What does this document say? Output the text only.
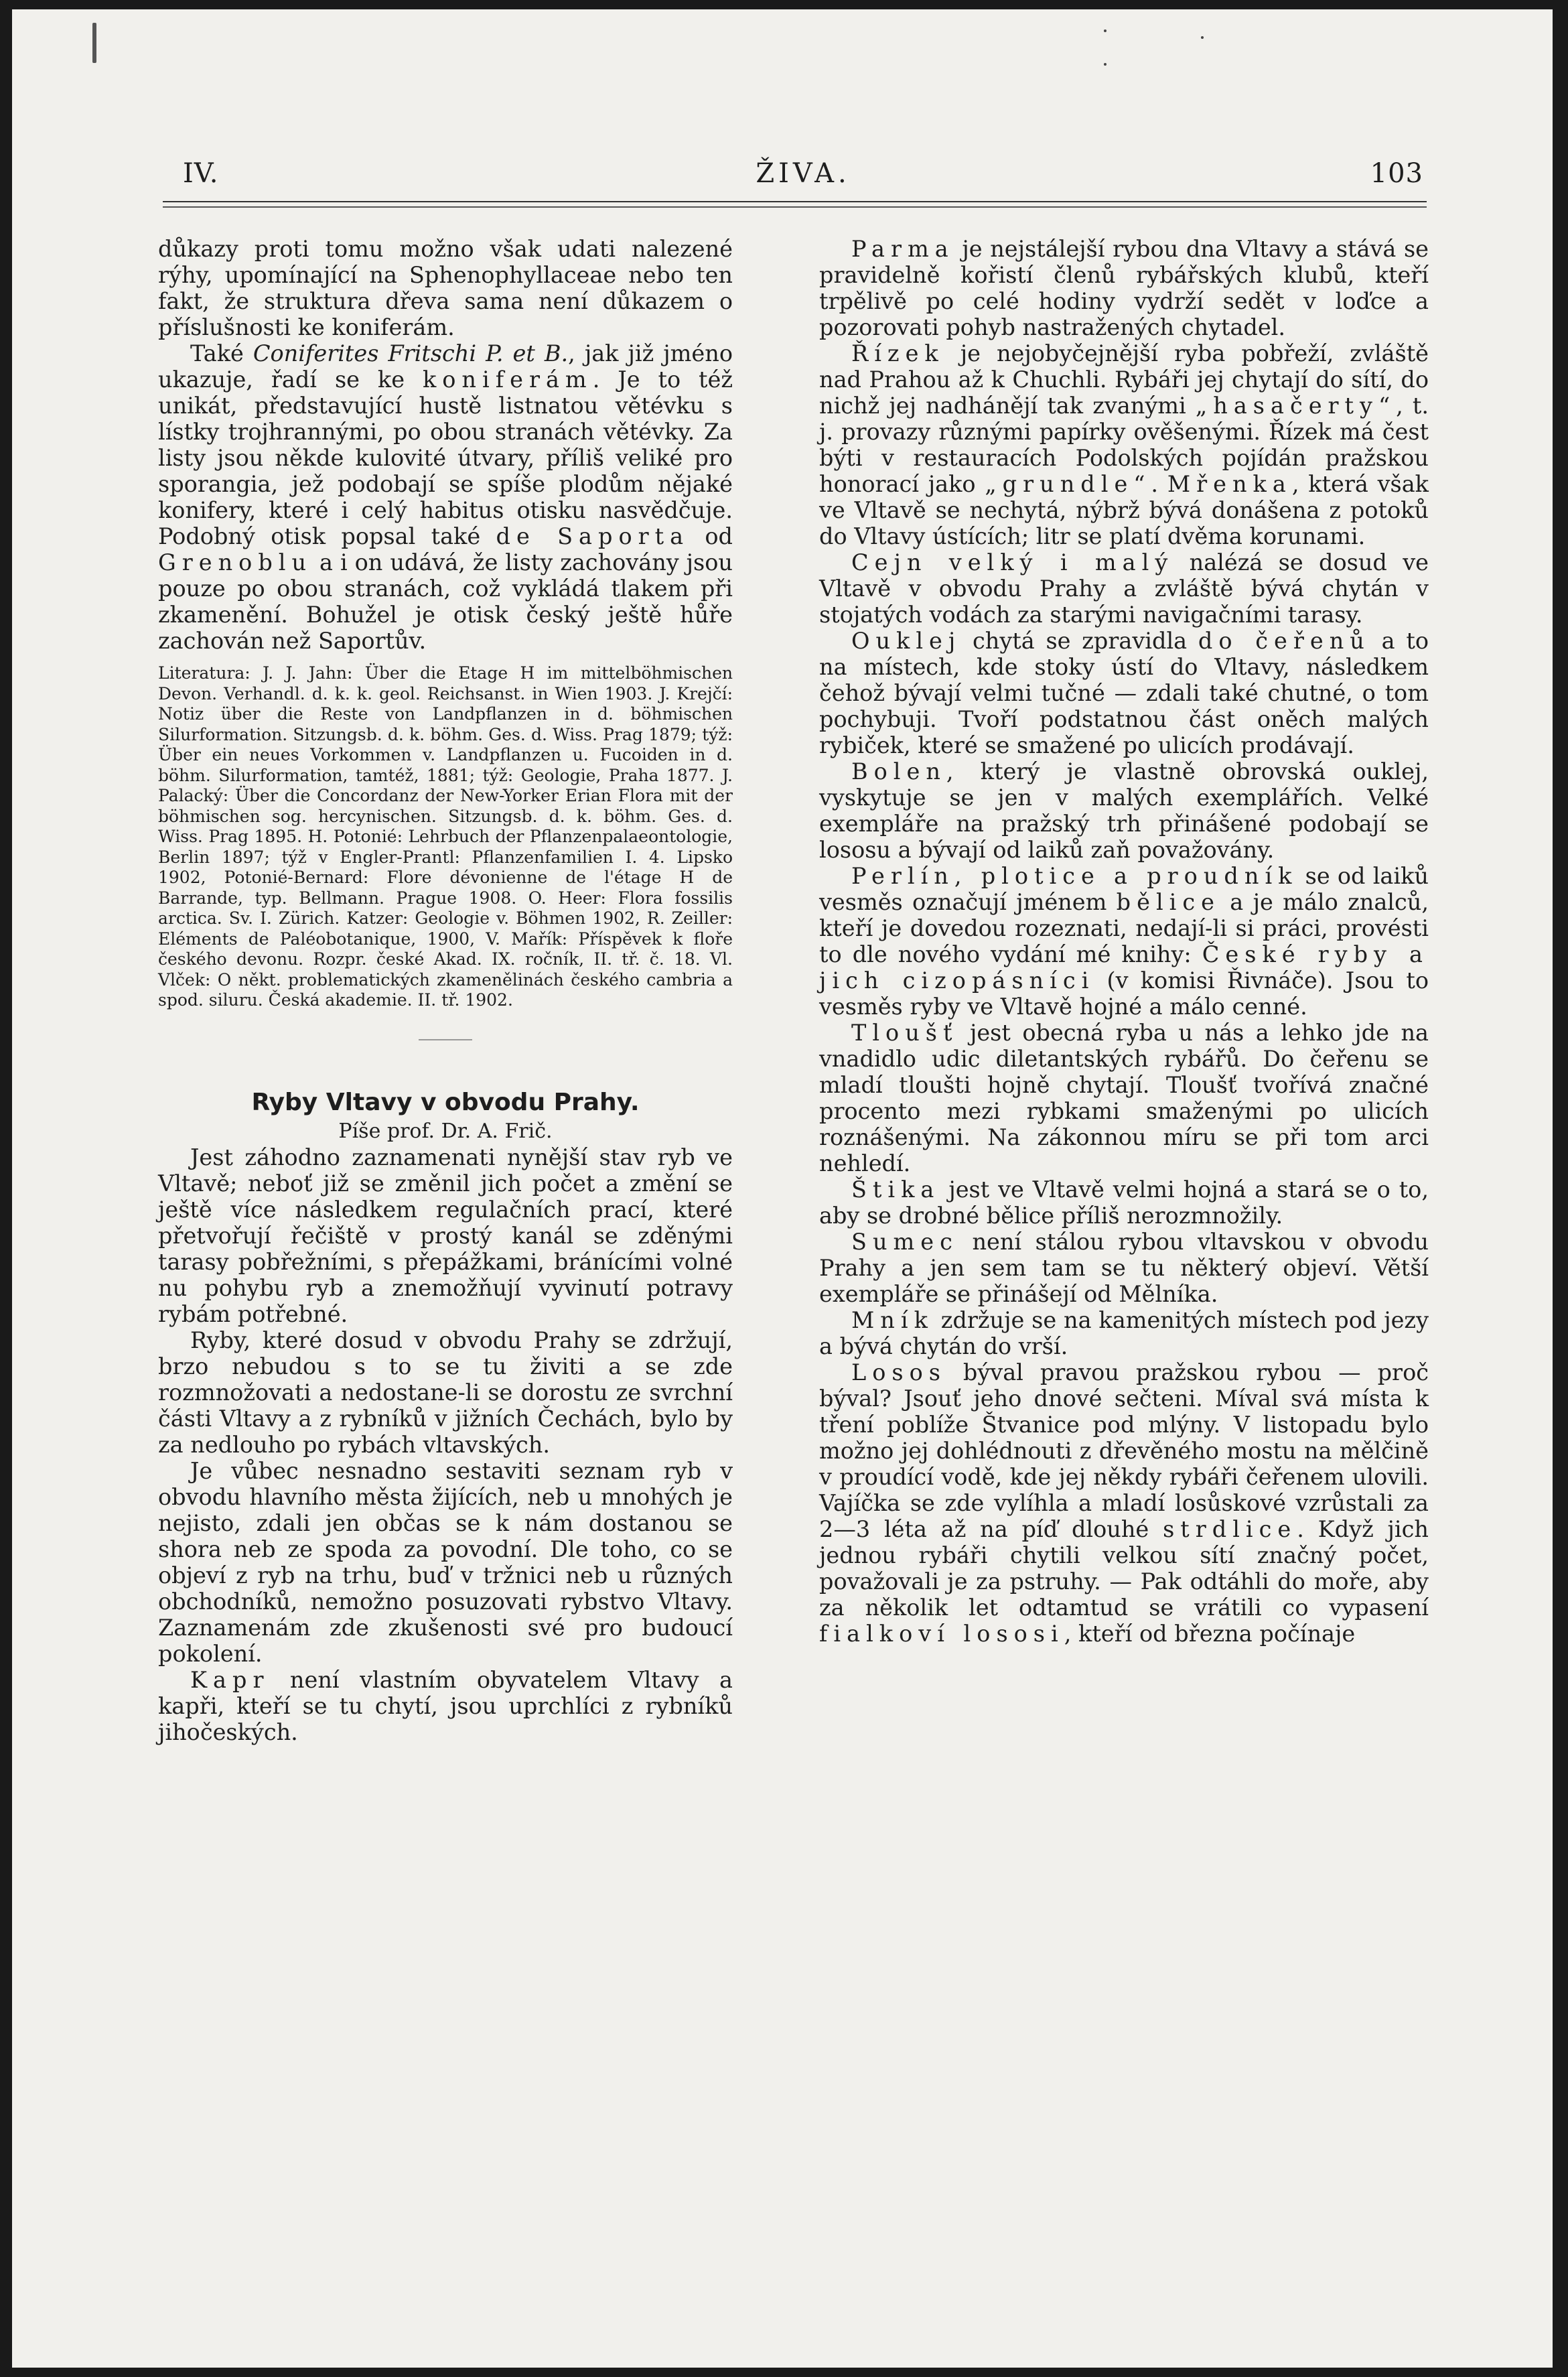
IV.	ŽIVA.	103

důkazy proti tomu možno však udati nalezené rýhy, upomínající na Sphenophyllaceae nebo ten fakt, že struktura dřeva sama není důkazem o příslušnosti ke koniferám.

Také Coniferites Fritschi P. et B., jak již jméno ukazuje, řadí se ke koniferám. Je to též unikát, představující hustě listnatou větévku s lístky trojhrannými, po obou stranách větévky. Za listy jsou někde kulovité útvary, příliš veliké pro sporangia, jež podobají se spíše plodům nějaké konifery, které i celý habitus otisku nasvědčuje. Podobný otisk popsal také de Saporta od Grenoblu a i on udává, že listy zachovány jsou pouze po obou stranách, což vykládá tlakem při zkamenění. Bohužel je otisk český ještě hůře zachován než Saportův.

Literatura: J. J. Jahn: Über die Etage H im mittelböhmischen Devon. Verhandl. d. k. k. geol. Reichsanst. in Wien 1903. J. Krejčí: Notiz über die Reste von Landpflanzen in d. böhmischen Silurformation. Sitzungsb. d. k. böhm. Ges. d. Wiss. Prag 1879; týž: Über ein neues Vorkommen v. Landpflanzen u. Fucoiden in d. böhm. Silurformation, tamtéž, 1881; týž: Geologie, Praha 1877. J. Palacký: Über die Concordanz der New-Yorker Erian Flora mit der böhmischen sog. hercynischen. Sitzungsb. d. k. böhm. Ges. d. Wiss. Prag 1895. H. Potonié: Lehrbuch der Pflanzenpalaeontologie, Berlin 1897; týž v Engler-Prantl: Pflanzenfamilien I. 4. Lipsko 1902, Potonié-Bernard: Flore dévonienne de l'étage H de Barrande, typ. Bellmann. Prague 1908. O. Heer: Flora fossilis arctica. Sv. I. Zürich. Katzer: Geologie v. Böhmen 1902, R. Zeiller: Eléments de Paléobotanique, 1900, V. Mařík: Příspěvek k floře českého devonu. Rozpr. české Akad. IX. ročník, II. tř. č. 18. Vl. Vlček: O někt. problematických zkamenělinách českého cambria a spod. siluru. Česká akademie. II. tř. 1902.

Ryby Vltavy v obvodu Prahy.

Píše prof. Dr. A. Frič.

Jest záhodno zaznamenati nynější stav ryb ve Vltavě; neboť již se změnil jich počet a změní se ještě více následkem regulačních prací, které přetvořují řečiště v prostý kanál se zděnými tarasy pobřežními, s přepážkami, bránícími volné nu pohybu ryb a znemožňují vyvinutí potravy rybám potřebné.

Ryby, které dosud v obvodu Prahy se zdržují, brzo nebudou s to se tu živiti a se zde rozmnožovati a nedostane-li se dorostu ze svrchní části Vltavy a z rybníků v jižních Čechách, bylo by za nedlouho po rybách vltavských.

Je vůbec nesnadno sestaviti seznam ryb v obvodu hlavního města žijících, neb u mnohých je nejisto, zdali jen občas se k nám dostanou se shora neb ze spoda za povodní. Dle toho, co se objeví z ryb na trhu, buď v tržnici neb u různých obchodníků, nemožno posuzovati rybstvo Vltavy. Zaznamenám zde zkušenosti své pro budoucí pokolení.

Kapr není vlastním obyvatelem Vltavy a kapři, kteří se tu chytí, jsou uprchlíci z rybníků jihočeských.

Parma je nejstálejší rybou dna Vltavy a stává se pravidelně kořistí členů rybářských klubů, kteří trpělivě po celé hodiny vydrží sedět v loďce a pozorovati pohyb nastražených chytadel.

Řízek je nejobyčejnější ryba pobřeží, zvláště nad Prahou až k Chuchli. Rybáři jej chytají do sítí, do nichž jej nadhánějí tak zvanými „hasačerty“, t. j. provazy různými papírky ověšenými. Řízek má čest býti v restauracích Podolských pojídán pražskou honorací jako „grundle“. Mřenka, která však ve Vltavě se nechytá, nýbrž bývá donášena z potoků do Vltavy ústících; litr se platí dvěma korunami.

Cejn velký i malý nalézá se dosud ve Vltavě v obvodu Prahy a zvláště bývá chytán v stojatých vodách za starými navigačními tarasy.

Ouklej chytá se zpravidla do čeřenů a to na místech, kde stoky ústí do Vltavy, následkem čehož bývají velmi tučné — zdali také chutné, o tom pochybuji. Tvoří podstatnou část oněch malých rybiček, které se smažené po ulicích prodávají.

Bolen, který je vlastně obrovská ouklej, vyskytuje se jen v malých exemplářích. Velké exempláře na pražský trh přinášené podobají se lososu a bývají od laiků zaň považovány.

Perlín, plotice a proudník se od laiků vesměs označují jménem bělice a je málo znalců, kteří je dovedou rozeznati, nedají-li si práci, provésti to dle nového vydání mé knihy: České ryby a jich cizopásníci (v komisi Řivnáče). Jsou to vesměs ryby ve Vltavě hojné a málo cenné.

Tloušť jest obecná ryba u nás a lehko jde na vnadidlo udic diletantských rybářů. Do čeřenu se mladí tloušti hojně chytají. Tloušť tvořívá značné procento mezi rybkami smaženými po ulicích roznášenými. Na zákonnou míru se při tom arci nehledí.

Štika jest ve Vltavě velmi hojná a stará se o to, aby se drobné bělice příliš nerozmnožily.

Sumec není stálou rybou vltavskou v obvodu Prahy a jen sem tam se tu některý objeví. Větší exempláře se přinášejí od Mělníka.

Mník zdržuje se na kamenitých místech pod jezy a bývá chytán do vrší.

Losos býval pravou pražskou rybou — proč býval? Jsouť jeho dnové sečteni. Míval svá místa k tření poblíže Štvanice pod mlýny. V listopadu bylo možno jej dohlédnouti z dřevěného mostu na mělčině v proudící vodě, kde jej někdy rybáři čeřenem ulovili. Vajíčka se zde vylíhla a mladí losůskové vzrůstali za 2—3 léta až na píď dlouhé strdlice. Když jich jednou rybáři chytili velkou sítí značný počet, považovali je za pstruhy. — Pak odtáhli do moře, aby za několik let odtamtud se vrátili co vypasení fialkoví lososi, kteří od března počínaje
